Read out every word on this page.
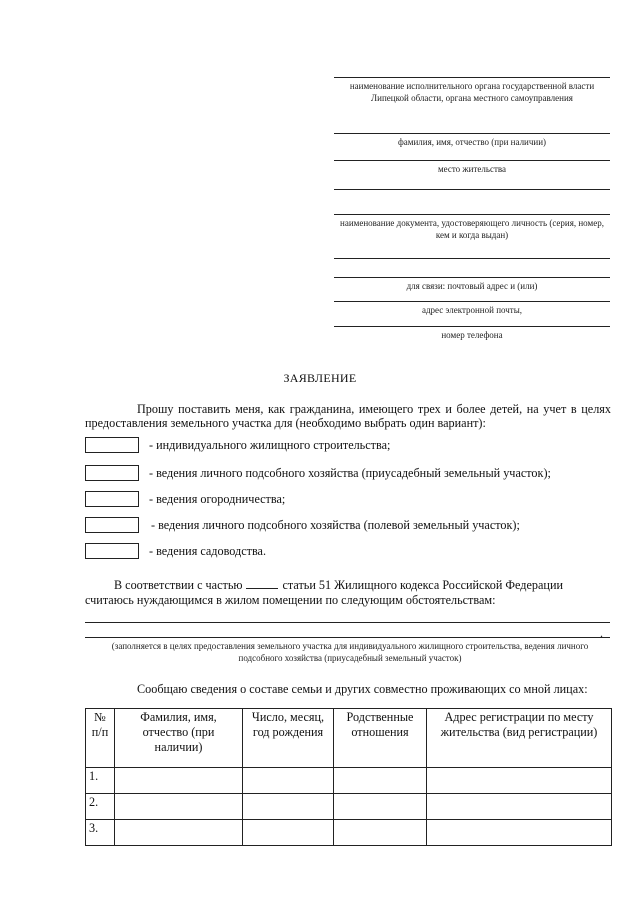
наименование исполнительного органа государственной власти Липецкой области, органа местного самоуправления
фамилия, имя, отчество (при наличии)
место жительства
наименование документа, удостоверяющего личность (серия, номер, кем и когда выдан)
для связи: почтовый адрес и (или)
адрес электронной почты,
номер телефона
ЗАЯВЛЕНИЕ
Прошу поставить меня, как гражданина, имеющего трех и более детей, на учет в целях предоставления земельного участка для (необходимо выбрать один вариант):
- индивидуального жилищного строительства;
- ведения личного подсобного хозяйства (приусадебный земельный участок);
- ведения огородничества;
- ведения личного подсобного хозяйства (полевой земельный участок);
- ведения садоводства.
В соответствии с частью	статьи 51 Жилищного кодекса Российской Федерации
считаюсь нуждающимся в жилом помещении по следующим обстоятельствам:
.
(заполняется в целях предоставления земельного участка для индивидуального жилищного строительства, ведения личного подсобного хозяйства (приусадебный земельный участок)
Сообщаю сведения о составе семьи и других совместно проживающих со мной лицах:
№ п/п	Фамилия, имя, отчество (при наличии)	Число, месяц, год рождения	Родственные отношения	Адрес регистрации по месту жительства (вид регистрации)
1.				
2.				
3.				
